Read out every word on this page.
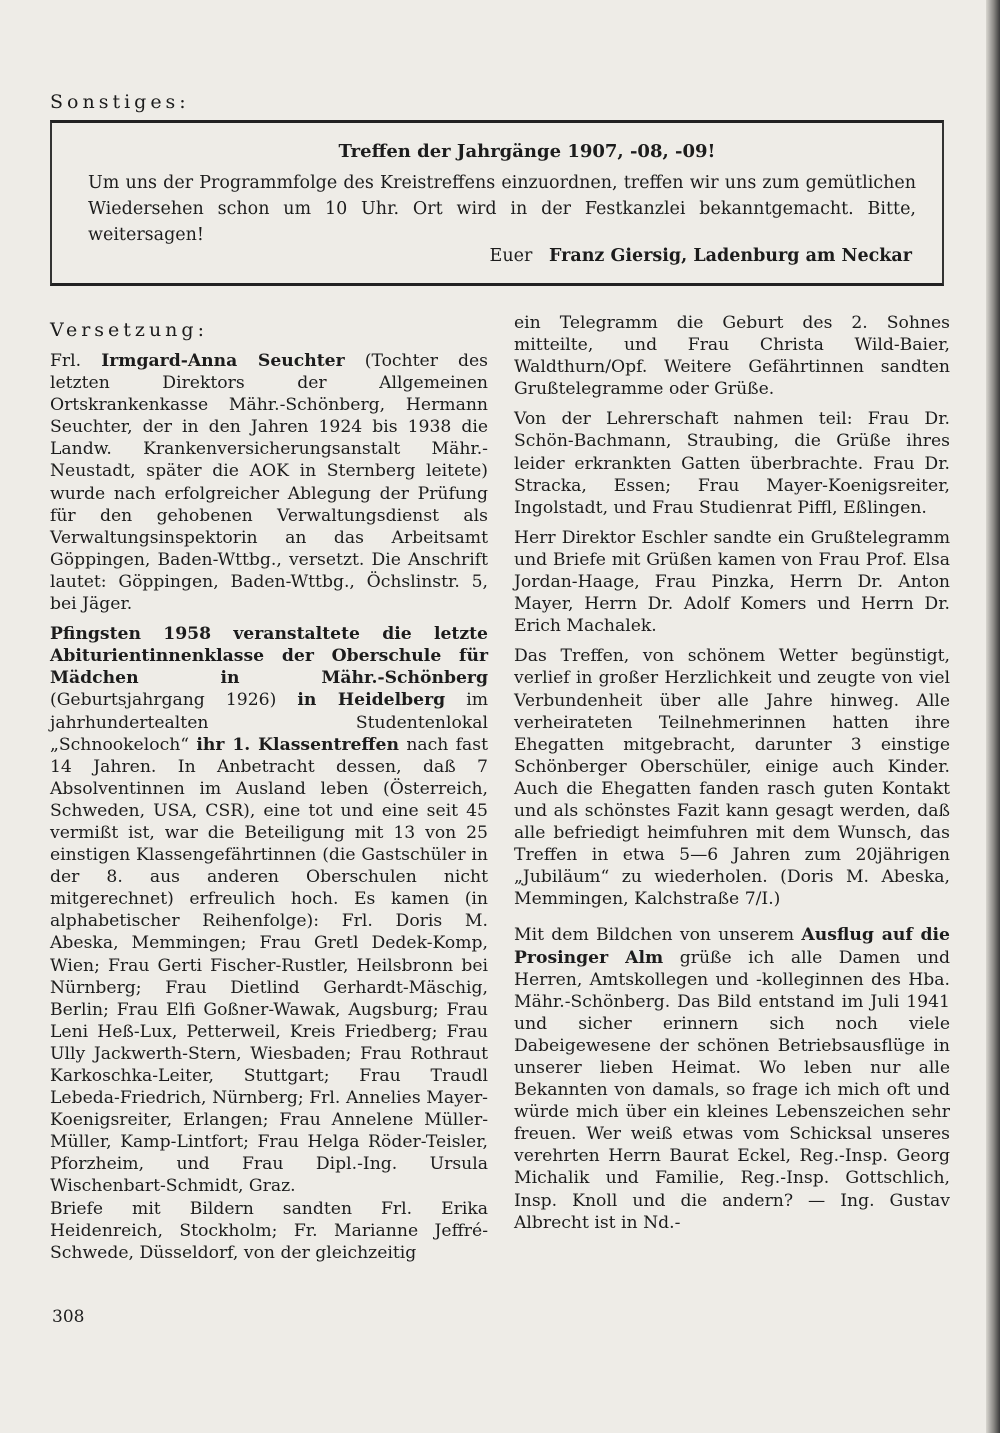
Sonstiges:
Treffen der Jahrgänge 1907, -08, -09!
Um uns der Programmfolge des Kreistreffens einzuordnen, treffen wir uns zum gemütlichen Wiedersehen schon um 10 Uhr. Ort wird in der Festkanzlei bekanntgemacht. Bitte, weitersagen!
Euer Franz Giersig, Ladenburg am Neckar
Versetzung:

Frl. Irmgard-Anna Seuchter (Tochter des letzten Direktors der Allgemeinen Ortskrankenkasse Mähr.-Schönberg, Hermann Seuchter, der in den Jahren 1924 bis 1938 die Landw. Krankenversicherungsanstalt Mähr.-Neustadt, später die AOK in Sternberg leitete) wurde nach erfolgreicher Ablegung der Prüfung für den gehobenen Verwaltungsdienst als Verwaltungsinspektorin an das Arbeitsamt Göppingen, Baden-Wttbg., versetzt. Die Anschrift lautet: Göppingen, Baden-Wttbg., Öchslinstr. 5, bei Jäger.

Pfingsten 1958 veranstaltete die letzte Abiturientinnenklasse der Oberschule für Mädchen in Mähr.-Schönberg (Geburtsjahrgang 1926) in Heidelberg im jahrhundertealten Studentenlokal „Schnookeloch“ ihr 1. Klassentreffen nach fast 14 Jahren. In Anbetracht dessen, daß 7 Absolventinnen im Ausland leben (Österreich, Schweden, USA, CSR), eine tot und eine seit 45 vermißt ist, war die Beteiligung mit 13 von 25 einstigen Klassengefährtinnen (die Gastschüler in der 8. aus anderen Oberschulen nicht mitgerechnet) erfreulich hoch. Es kamen (in alphabetischer Reihenfolge): Frl. Doris M. Abeska, Memmingen; Frau Gretl Dedek-Komp, Wien; Frau Gerti Fischer-Rustler, Heilsbronn bei Nürnberg; Frau Dietlind Gerhardt-Mäschig, Berlin; Frau Elfi Goßner-Wawak, Augsburg; Frau Leni Heß-Lux, Petterweil, Kreis Friedberg; Frau Ully Jackwerth-Stern, Wiesbaden; Frau Rothraut Karkoschka-Leiter, Stuttgart; Frau Traudl Lebeda-Friedrich, Nürnberg; Frl. Annelies Mayer-Koenigsreiter, Erlangen; Frau Annelene Müller-Müller, Kamp-Lintfort; Frau Helga Röder-Teisler, Pforzheim, und Frau Dipl.-Ing. Ursula Wischenbart-Schmidt, Graz.

Briefe mit Bildern sandten Frl. Erika Heidenreich, Stockholm; Fr. Marianne Jeffré-Schwede, Düsseldorf, von der gleichzeitig

ein Telegramm die Geburt des 2. Sohnes mitteilte, und Frau Christa Wild-Baier, Waldthurn/Opf. Weitere Gefährtinnen sandten Grußtelegramme oder Grüße.

Von der Lehrerschaft nahmen teil: Frau Dr. Schön-Bachmann, Straubing, die Grüße ihres leider erkrankten Gatten überbrachte. Frau Dr. Stracka, Essen; Frau Mayer-Koenigsreiter, Ingolstadt, und Frau Studienrat Piffl, Eßlingen.

Herr Direktor Eschler sandte ein Grußtelegramm und Briefe mit Grüßen kamen von Frau Prof. Elsa Jordan-Haage, Frau Pinzka, Herrn Dr. Anton Mayer, Herrn Dr. Adolf Komers und Herrn Dr. Erich Machalek.

Das Treffen, von schönem Wetter begünstigt, verlief in großer Herzlichkeit und zeugte von viel Verbundenheit über alle Jahre hinweg. Alle verheirateten Teilnehmerinnen hatten ihre Ehegatten mitgebracht, darunter 3 einstige Schönberger Oberschüler, einige auch Kinder. Auch die Ehegatten fanden rasch guten Kontakt und als schönstes Fazit kann gesagt werden, daß alle befriedigt heimfuhren mit dem Wunsch, das Treffen in etwa 5—6 Jahren zum 20jährigen „Jubiläum“ zu wiederholen. (Doris M. Abeska, Memmingen, Kalchstraße 7/I.)

Mit dem Bildchen von unserem Ausflug auf die Prosinger Alm grüße ich alle Damen und Herren, Amtskollegen und -kolleginnen des Hba. Mähr.-Schönberg. Das Bild entstand im Juli 1941 und sicher erinnern sich noch viele Dabeigewesene der schönen Betriebsausflüge in unserer lieben Heimat. Wo leben nur alle Bekannten von damals, so frage ich mich oft und würde mich über ein kleines Lebenszeichen sehr freuen. Wer weiß etwas vom Schicksal unseres verehrten Herrn Baurat Eckel, Reg.-Insp. Georg Michalik und Familie, Reg.-Insp. Gottschlich, Insp. Knoll und die andern? — Ing. Gustav Albrecht ist in Nd.-

308
